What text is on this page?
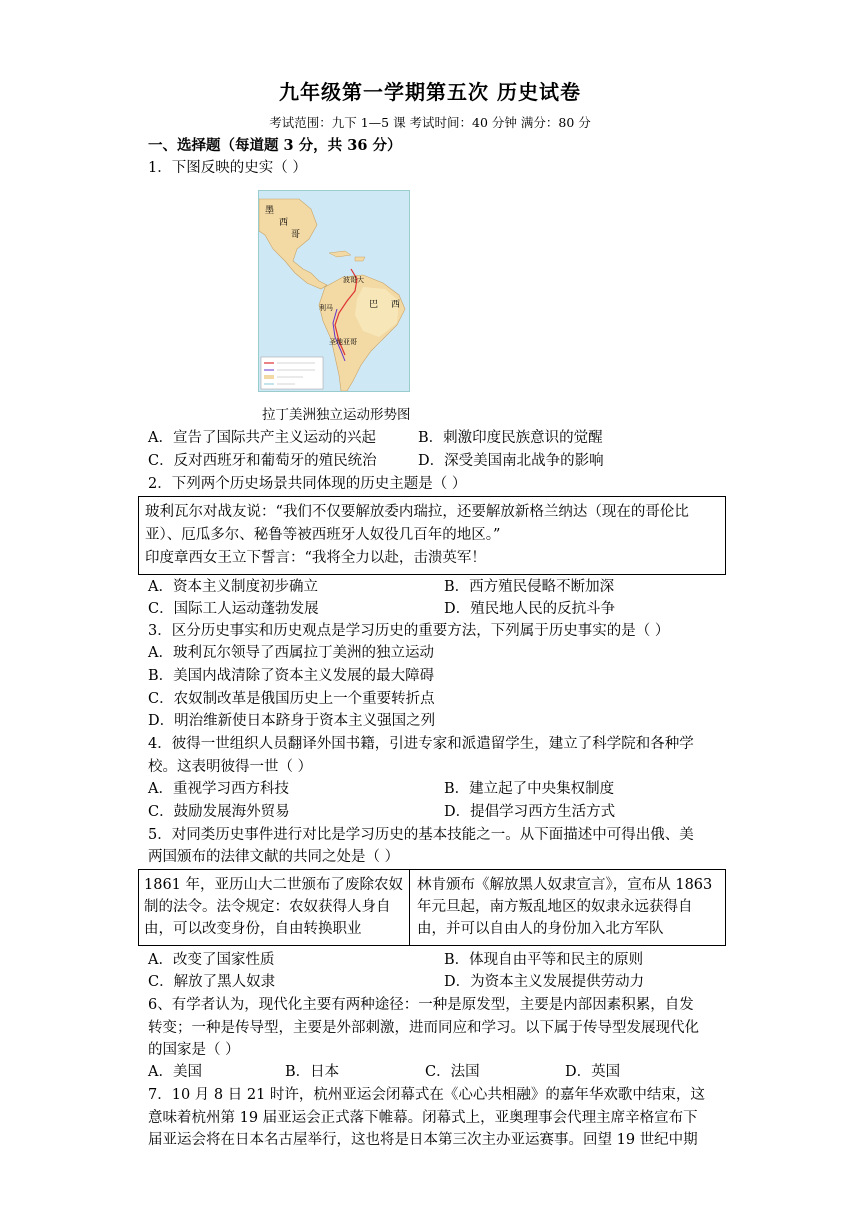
九年级第一学期第五次 历史试卷
考试范围：九下 1—5 课 考试时间：40 分钟 满分：80 分
一、选择题（每道题 3 分，共 36 分）
1．下图反映的史实（ ）
墨
西
哥
波哥大
利马	巴 西
圣地亚哥
拉丁美洲独立运动形势图
A．宣告了国际共产主义运动的兴起	B．刺激印度民族意识的觉醒
C．反对西班牙和葡萄牙的殖民统治	D．深受美国南北战争的影响
2．下列两个历史场景共同体现的历史主题是（ ）
玻利瓦尔对战友说：“我们不仅要解放委内瑞拉，还要解放新格兰纳达（现在的哥伦比
亚）、厄瓜多尔、秘鲁等被西班牙人奴役几百年的地区。”
印度章西女王立下誓言：“我将全力以赴，击溃英军！
A．资本主义制度初步确立	B．西方殖民侵略不断加深
C．国际工人运动蓬勃发展	D．殖民地人民的反抗斗争
3．区分历史事实和历史观点是学习历史的重要方法，下列属于历史事实的是（ ）
A．玻利瓦尔领导了西属拉丁美洲的独立运动
B．美国内战清除了资本主义发展的最大障碍
C．农奴制改革是俄国历史上一个重要转折点
D．明治维新使日本跻身于资本主义强国之列
4．彼得一世组织人员翻译外国书籍，引进专家和派遣留学生，建立了科学院和各种学
校。这表明彼得一世（ ）
A．重视学习西方科技	B．建立起了中央集权制度
C．鼓励发展海外贸易	D．提倡学习西方生活方式
5．对同类历史事件进行对比是学习历史的基本技能之一。从下面描述中可得出俄、美
两国颁布的法律文献的共同之处是（ ）
1861 年，亚历山大二世颁布了废除农奴
制的法令。法令规定：农奴获得人身自
由，可以改变身份，自由转换职业
林肯颁布《解放黑人奴隶宣言》，宣布从 1863
年元旦起，南方叛乱地区的奴隶永远获得自
由，并可以自由人的身份加入北方军队
A．改变了国家性质	B．体现自由平等和民主的原则
C．解放了黑人奴隶	D．为资本主义发展提供劳动力
6、有学者认为，现代化主要有两种途径：一种是原发型，主要是内部因素积累，自发
转变；一种是传导型，主要是外部刺激，进而同应和学习。以下属于传导型发展现代化
的国家是（ ）
A．美国	B．日本	C．法国	D．英国
7．10 月 8 日 21 时许，杭州亚运会闭幕式在《心心共相融》的嘉年华欢歌中结束，这
意味着杭州第 19 届亚运会正式落下帷幕。闭幕式上，亚奥理事会代理主席辛格宣布下
届亚运会将在日本名古屋举行，这也将是日本第三次主办亚运赛事。回望 19 世纪中期
